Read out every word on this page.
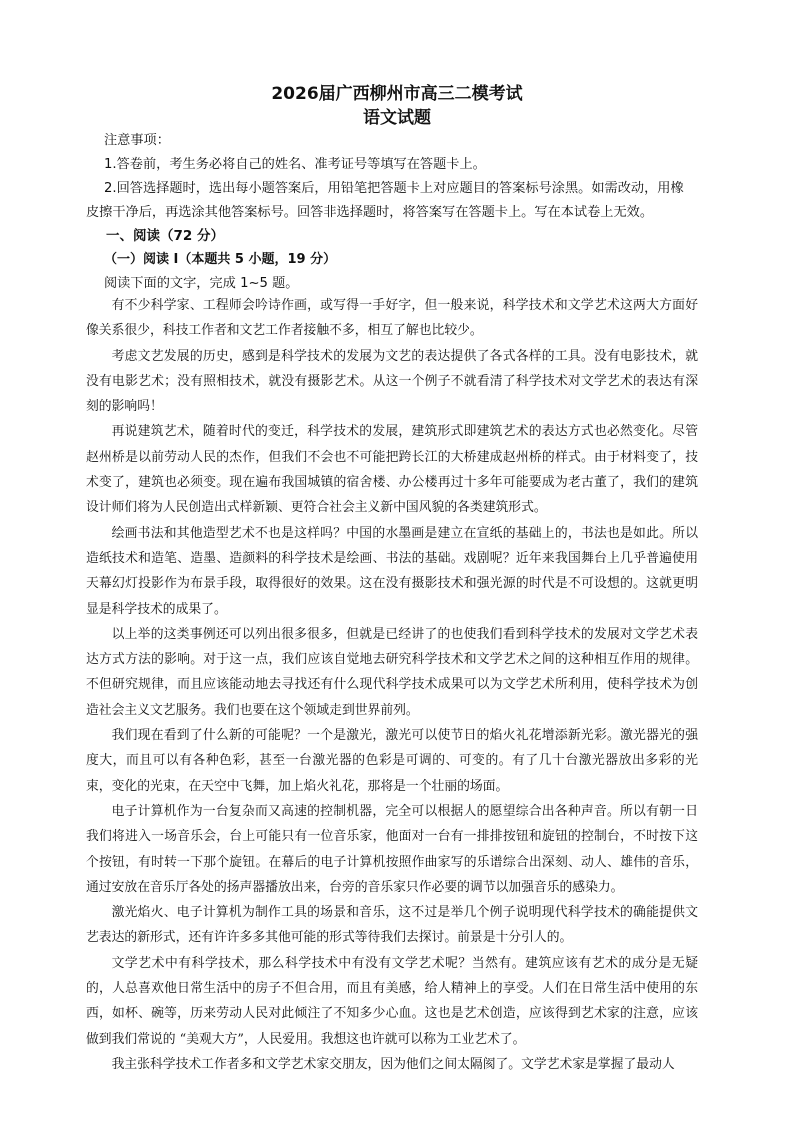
2026届广西柳州市高三二模考试
语文试题

注意事项：

1.答卷前，考生务必将自己的姓名、准考证号等填写在答题卡上。

2.回答选择题时，选出每小题答案后，用铅笔把答题卡上对应题目的答案标号涂黑。如需改动，用橡皮擦干净后，再选涂其他答案标号。回答非选择题时，将答案写在答题卡上。写在本试卷上无效。

一、阅读（72 分）

（一）阅读 I（本题共 5 小题，19 分）

阅读下面的文字，完成 1~5 题。

有不少科学家、工程师会吟诗作画，或写得一手好字，但一般来说，科学技术和文学艺术这两大方面好像关系很少，科技工作者和文艺工作者接触不多，相互了解也比较少。

考虑文艺发展的历史，感到是科学技术的发展为文艺的表达提供了各式各样的工具。没有电影技术，就没有电影艺术；没有照相技术，就没有摄影艺术。从这一个例子不就看清了科学技术对文学艺术的表达有深刻的影响吗！

再说建筑艺术，随着时代的变迁，科学技术的发展，建筑形式即建筑艺术的表达方式也必然变化。尽管赵州桥是以前劳动人民的杰作，但我们不会也不可能把跨长江的大桥建成赵州桥的样式。由于材料变了，技术变了，建筑也必须变。现在遍布我国城镇的宿舍楼、办公楼再过十多年可能要成为老古董了，我们的建筑设计师们将为人民创造出式样新颖、更符合社会主义新中国风貌的各类建筑形式。

绘画书法和其他造型艺术不也是这样吗？中国的水墨画是建立在宣纸的基础上的，书法也是如此。所以造纸技术和造笔、造墨、造颜料的科学技术是绘画、书法的基础。戏剧呢？近年来我国舞台上几乎普遍使用天幕幻灯投影作为布景手段，取得很好的效果。这在没有摄影技术和强光源的时代是不可设想的。这就更明显是科学技术的成果了。

以上举的这类事例还可以列出很多很多，但就是已经讲了的也使我们看到科学技术的发展对文学艺术表达方式方法的影响。对于这一点，我们应该自觉地去研究科学技术和文学艺术之间的这种相互作用的规律。不但研究规律，而且应该能动地去寻找还有什么现代科学技术成果可以为文学艺术所利用，使科学技术为创造社会主义文艺服务。我们也要在这个领域走到世界前列。

我们现在看到了什么新的可能呢？一个是激光，激光可以使节日的焰火礼花增添新光彩。激光器光的强度大，而且可以有各种色彩，甚至一台激光器的色彩是可调的、可变的。有了几十台激光器放出多彩的光束，变化的光束，在天空中飞舞，加上焰火礼花，那将是一个壮丽的场面。

电子计算机作为一台复杂而又高速的控制机器，完全可以根据人的愿望综合出各种声音。所以有朝一日我们将进入一场音乐会，台上可能只有一位音乐家，他面对一台有一排排按钮和旋钮的控制台，不时按下这个按钮，有时转一下那个旋钮。在幕后的电子计算机按照作曲家写的乐谱综合出深刻、动人、雄伟的音乐，通过安放在音乐厅各处的扬声器播放出来，台旁的音乐家只作必要的调节以加强音乐的感染力。

激光焰火、电子计算机为制作工具的场景和音乐，这不过是举几个例子说明现代科学技术的确能提供文艺表达的新形式，还有许许多多其他可能的形式等待我们去探讨。前景是十分引人的。

文学艺术中有科学技术，那么科学技术中有没有文学艺术呢？当然有。建筑应该有艺术的成分是无疑的，人总喜欢他日常生活中的房子不但合用，而且有美感，给人精神上的享受。人们在日常生活中使用的东西，如杯、碗等，历来劳动人民对此倾注了不知多少心血。这也是艺术创造，应该得到艺术家的注意，应该做到我们常说的 “美观大方”，人民爱用。我想这也许就可以称为工业艺术了。

我主张科学技术工作者多和文学艺术家交朋友，因为他们之间太隔阂了。文学艺术家是掌握了最动人
